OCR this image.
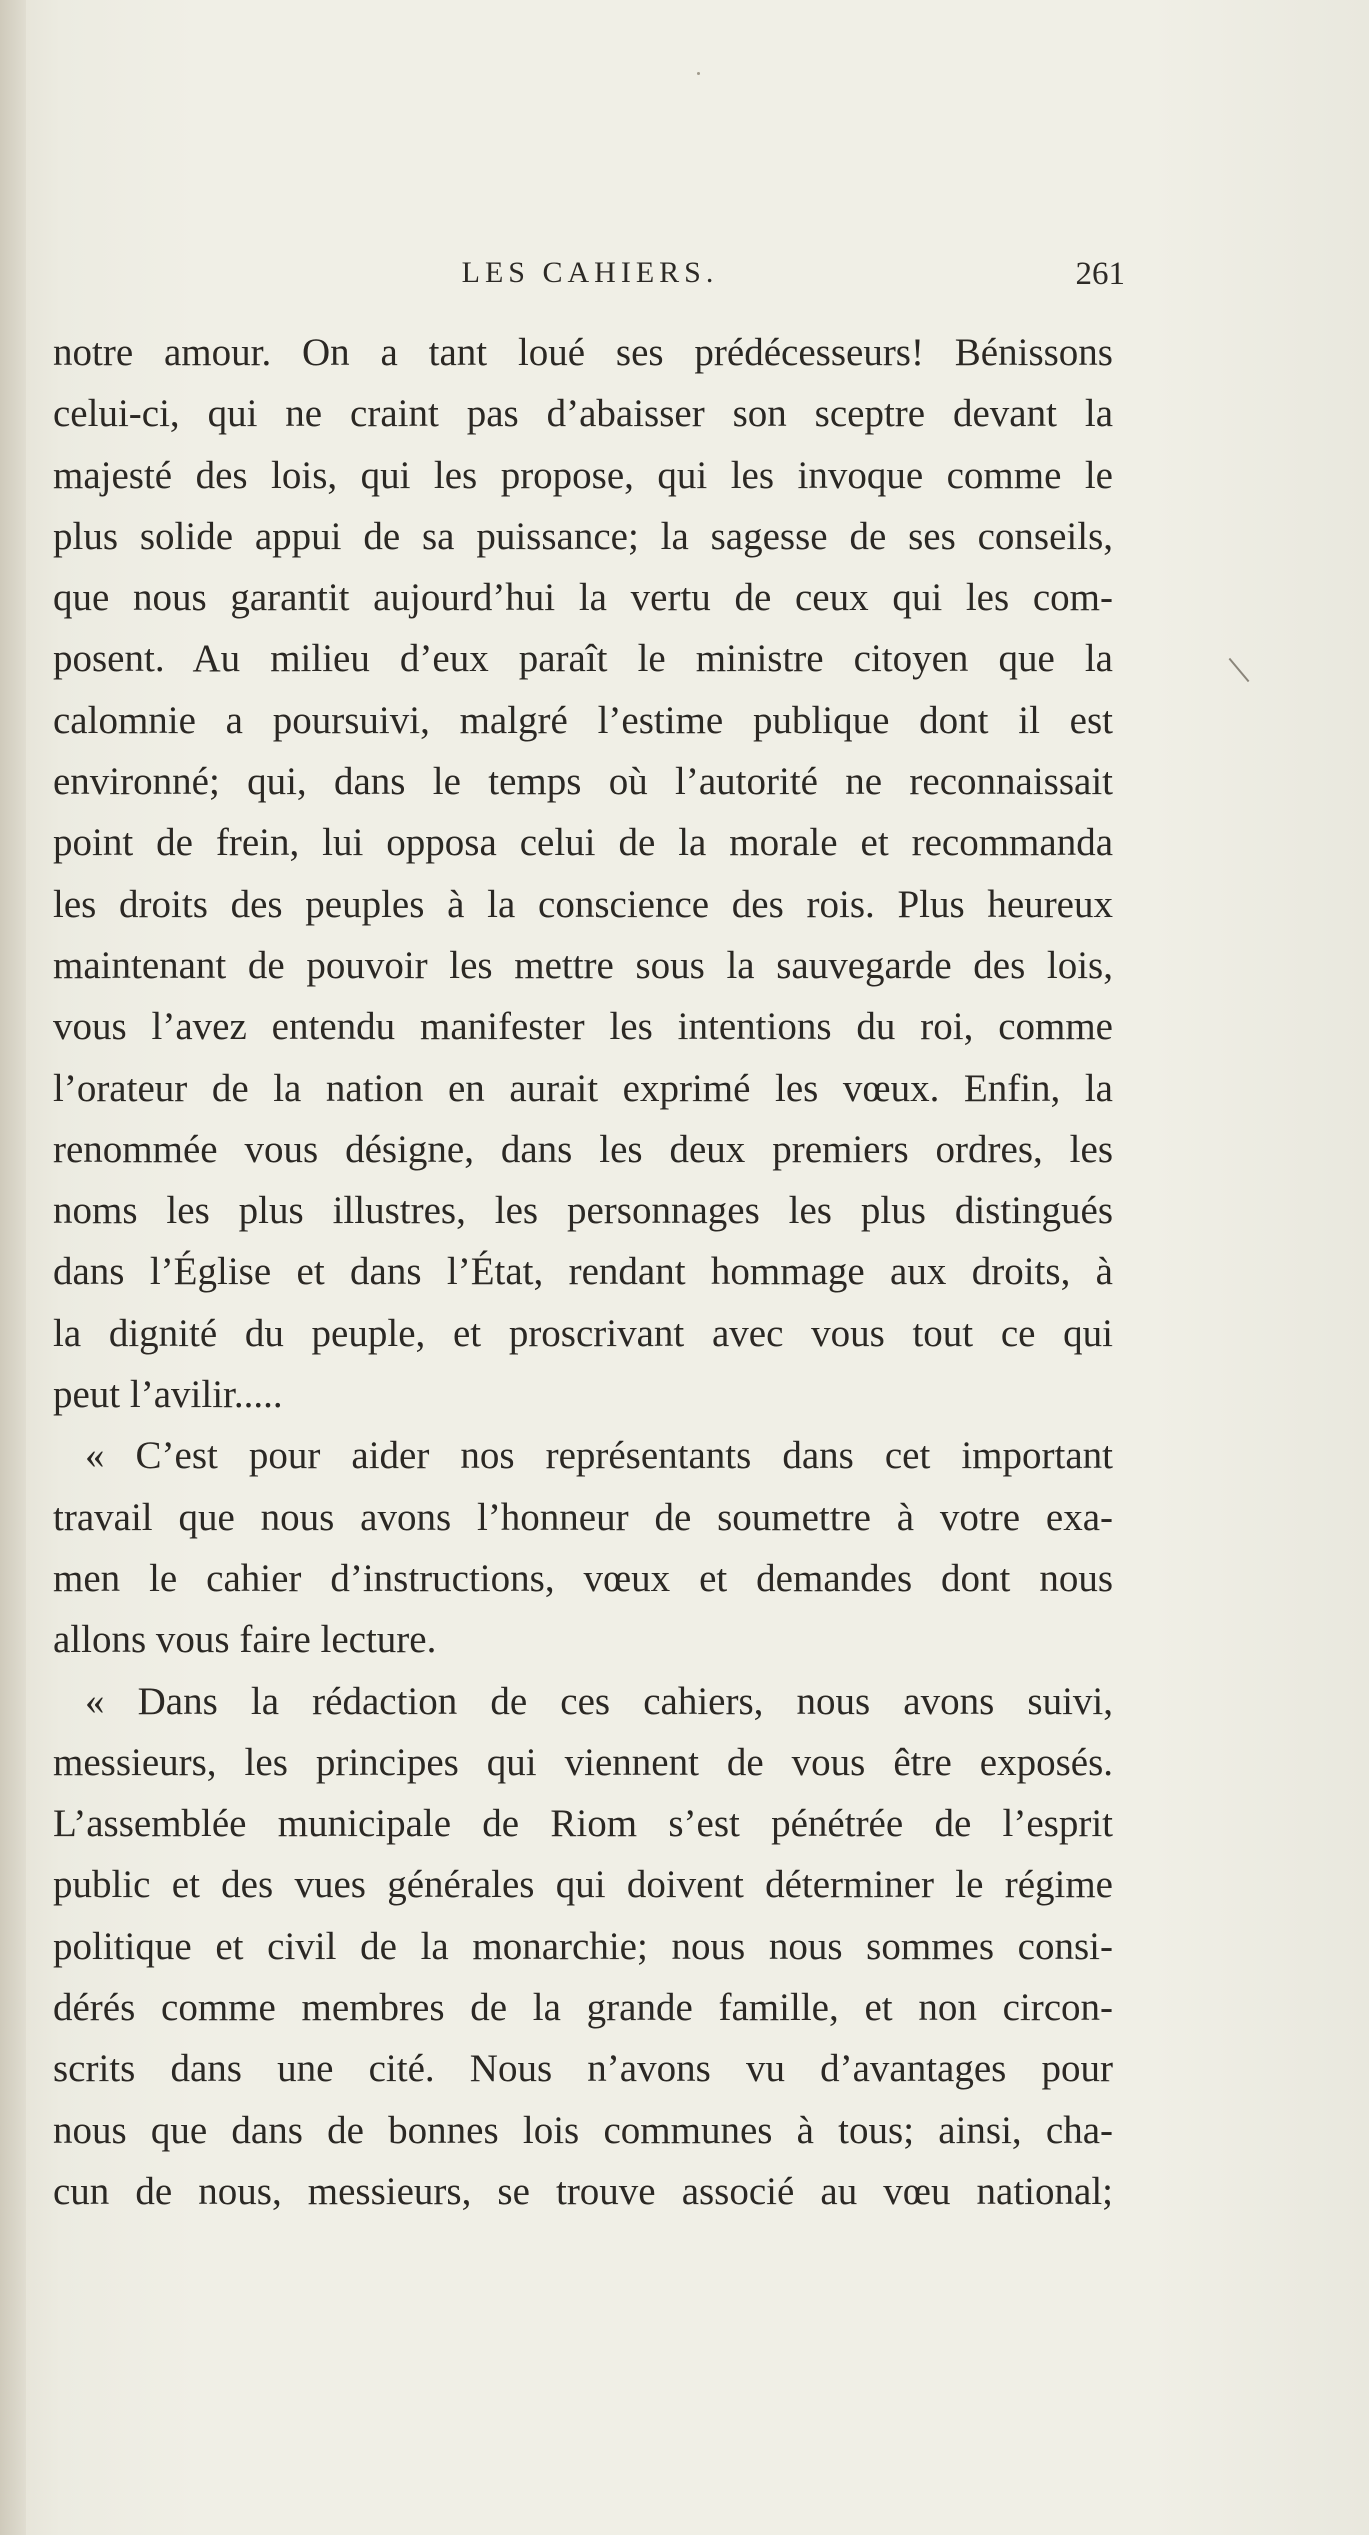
LES CAHIERS.	261
notre amour. On a tant loué ses prédécesseurs! Bénissons
celui-ci, qui ne craint pas d’abaisser son sceptre devant la
majesté des lois, qui les propose, qui les invoque comme le
plus solide appui de sa puissance; la sagesse de ses conseils,
que nous garantit aujourd’hui la vertu de ceux qui les com-
posent. Au milieu d’eux paraît le ministre citoyen que la
calomnie a poursuivi, malgré l’estime publique dont il est
environné; qui, dans le temps où l’autorité ne reconnaissait
point de frein, lui opposa celui de la morale et recommanda
les droits des peuples à la conscience des rois. Plus heureux
maintenant de pouvoir les mettre sous la sauvegarde des lois,
vous l’avez entendu manifester les intentions du roi, comme
l’orateur de la nation en aurait exprimé les vœux. Enfin, la
renommée vous désigne, dans les deux premiers ordres, les
noms les plus illustres, les personnages les plus distingués
dans l’Église et dans l’État, rendant hommage aux droits, à
la dignité du peuple, et proscrivant avec vous tout ce qui
peut l’avilir.....
« C’est pour aider nos représentants dans cet important
travail que nous avons l’honneur de soumettre à votre exa-
men le cahier d’instructions, vœux et demandes dont nous
allons vous faire lecture.
« Dans la rédaction de ces cahiers, nous avons suivi,
messieurs, les principes qui viennent de vous être exposés.
L’assemblée municipale de Riom s’est pénétrée de l’esprit
public et des vues générales qui doivent déterminer le régime
politique et civil de la monarchie; nous nous sommes consi-
dérés comme membres de la grande famille, et non circon-
scrits dans une cité. Nous n’avons vu d’avantages pour
nous que dans de bonnes lois communes à tous; ainsi, cha-
cun de nous, messieurs, se trouve associé au vœu national;
